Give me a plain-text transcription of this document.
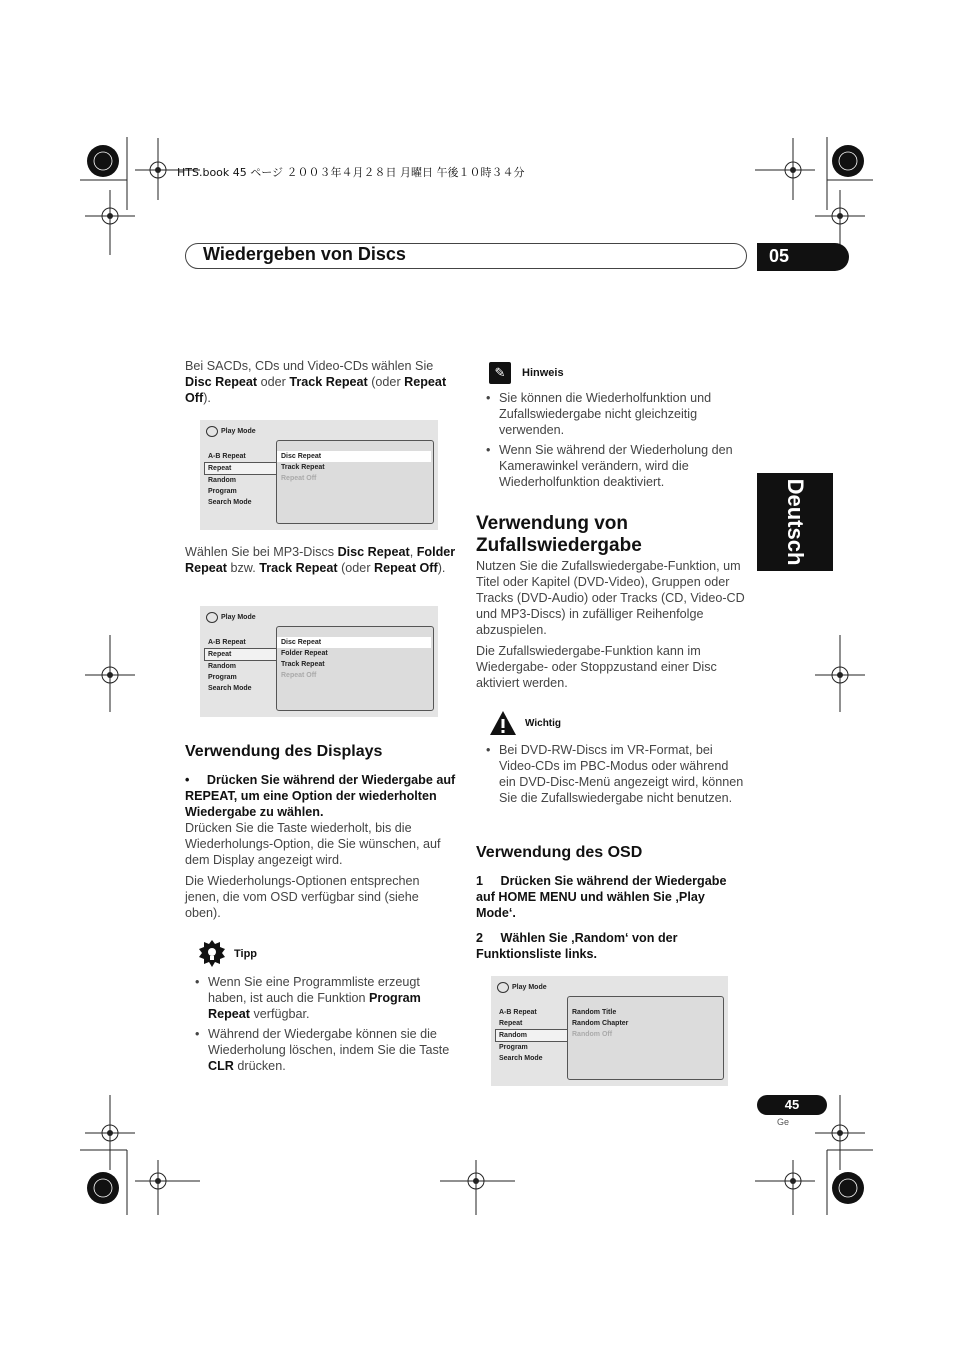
HTS.book 45 ページ ２００３年４月２８日 月曜日 午後１０時３４分
Wiedergeben von Discs	05
Deutsch
Bei SACDs, CDs und Video-CDs wählen Sie Disc Repeat oder Track Repeat (oder Repeat Off).
Play Mode
A-B Repeat
Repeat
Random
Program
Search Mode
Disc Repeat
Track Repeat
Repeat Off
Wählen Sie bei MP3-Discs Disc Repeat, Folder Repeat bzw. Track Repeat (oder Repeat Off).
Play Mode
A-B Repeat
Repeat
Random
Program
Search Mode
Disc Repeat
Folder Repeat
Track Repeat
Repeat Off
Verwendung des Displays
•     Drücken Sie während der Wiedergabe auf REPEAT, um eine Option der wiederholten Wiedergabe zu wählen.
Drücken Sie die Taste wiederholt, bis die Wiederholungs-Option, die Sie wünschen, auf dem Display angezeigt wird.
Die Wiederholungs-Optionen entsprechen jenen, die vom OSD verfügbar sind (siehe oben).
Tipp
• Wenn Sie eine Programmliste erzeugt haben, ist auch die Funktion Program Repeat verfügbar.
• Während der Wiedergabe können sie die Wiederholung löschen, indem Sie die Taste CLR drücken.
✎	Hinweis
• Sie können die Wiederholfunktion und Zufallswiedergabe nicht gleichzeitig verwenden.
• Wenn Sie während der Wiederholung den Kamerawinkel verändern, wird die Wiederholfunktion deaktiviert.
Verwendung von Zufallswiedergabe
Nutzen Sie die Zufallswiedergabe-Funktion, um Titel oder Kapitel (DVD-Video), Gruppen oder Tracks (DVD-Audio) oder Tracks (CD, Video-CD und MP3-Discs) in zufälliger Reihenfolge abzuspielen.
Die Zufallswiedergabe-Funktion kann im Wiedergabe- oder Stoppzustand einer Disc aktiviert werden.
Wichtig
• Bei DVD-RW-Discs im VR-Format, bei Video-CDs im PBC-Modus oder während ein DVD-Disc-Menü angezeigt wird, können Sie die Zufallswiedergabe nicht benutzen.
Verwendung des OSD
1     Drücken Sie während der Wiedergabe auf HOME MENU und wählen Sie ‚Play Mode‘.
2     Wählen Sie ‚Random‘ von der Funktionsliste links.
Play Mode
A-B Repeat
Repeat
Random
Program
Search Mode
Random Title
Random Chapter
Random Off
45
Ge
